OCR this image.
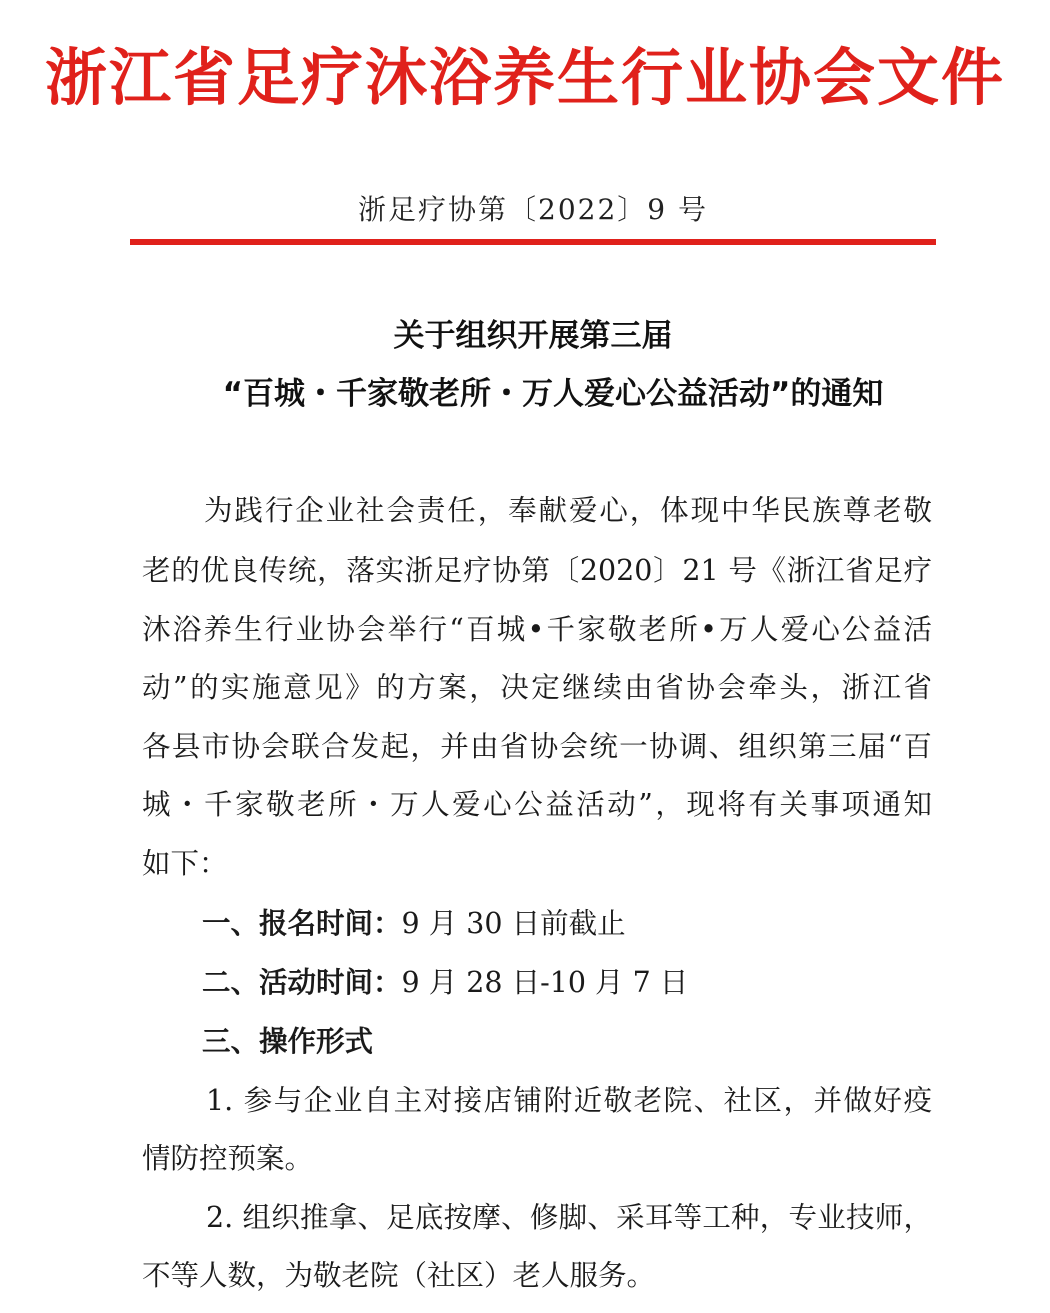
浙江省足疗沐浴养生行业协会文件
浙足疗协第〔2022〕9 号
关于组织开展第三届
“百城・千家敬老所・万人爱心公益活动”的通知
为践行企业社会责任，奉献爱心，体现中华民族尊老敬
老的优良传统，落实浙足疗协第〔2020〕21 号《浙江省足疗
沐浴养生行业协会举行“百城•千家敬老所•万人爱心公益活
动”的实施意见》的方案，决定继续由省协会牵头，浙江省
各县市协会联合发起，并由省协会统一协调、组织第三届“百
城・千家敬老所・万人爱心公益活动”，现将有关事项通知
如下：
一、报名时间：9 月 30 日前截止
二、活动时间：9 月 28 日-10 月 7 日
三、操作形式
1. 参与企业自主对接店铺附近敬老院、社区，并做好疫
情防控预案。
2. 组织推拿、足底按摩、修脚、采耳等工种，专业技师，
不等人数，为敬老院（社区）老人服务。
